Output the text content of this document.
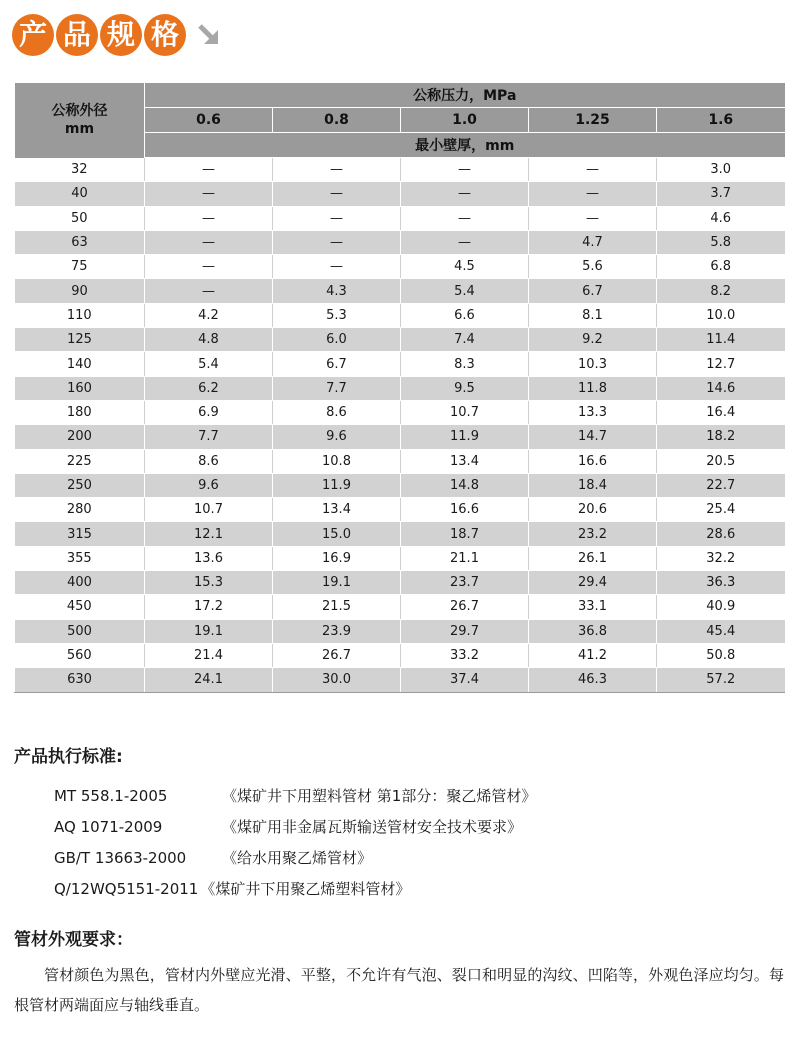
产 品 规 格
公称外径
mm	公称压力，MPa				
	0.6	0.8	1.0	1.25	1.6
	最小壁厚，mm				
32	—	—	—	—	3.0
40	—	—	—	—	3.7
50	—	—	—	—	4.6
63	—	—	—	4.7	5.8
75	—	—	4.5	5.6	6.8
90	—	4.3	5.4	6.7	8.2
110	4.2	5.3	6.6	8.1	10.0
125	4.8	6.0	7.4	9.2	11.4
140	5.4	6.7	8.3	10.3	12.7
160	6.2	7.7	9.5	11.8	14.6
180	6.9	8.6	10.7	13.3	16.4
200	7.7	9.6	11.9	14.7	18.2
225	8.6	10.8	13.4	16.6	20.5
250	9.6	11.9	14.8	18.4	22.7
280	10.7	13.4	16.6	20.6	25.4
315	12.1	15.0	18.7	23.2	28.6
355	13.6	16.9	21.1	26.1	32.2
400	15.3	19.1	23.7	29.4	36.3
450	17.2	21.5	26.7	33.1	40.9
500	19.1	23.9	29.7	36.8	45.4
560	21.4	26.7	33.2	41.2	50.8
630	24.1	30.0	37.4	46.3	57.2
产品执行标准:
MT 558.1-2005	《煤矿井下用塑料管材 第1部分：聚乙烯管材》
AQ 1071-2009	《煤矿用非金属瓦斯输送管材安全技术要求》
GB/T 13663-2000	《给水用聚乙烯管材》
Q/12WQ5151-2011 《煤矿井下用聚乙烯塑料管材》
管材外观要求：
管材颜色为黑色，管材内外壁应光滑、平整，不允许有气泡、裂口和明显的沟纹、凹陷等，外观色泽应均匀。每根管材两端面应与轴线垂直。
